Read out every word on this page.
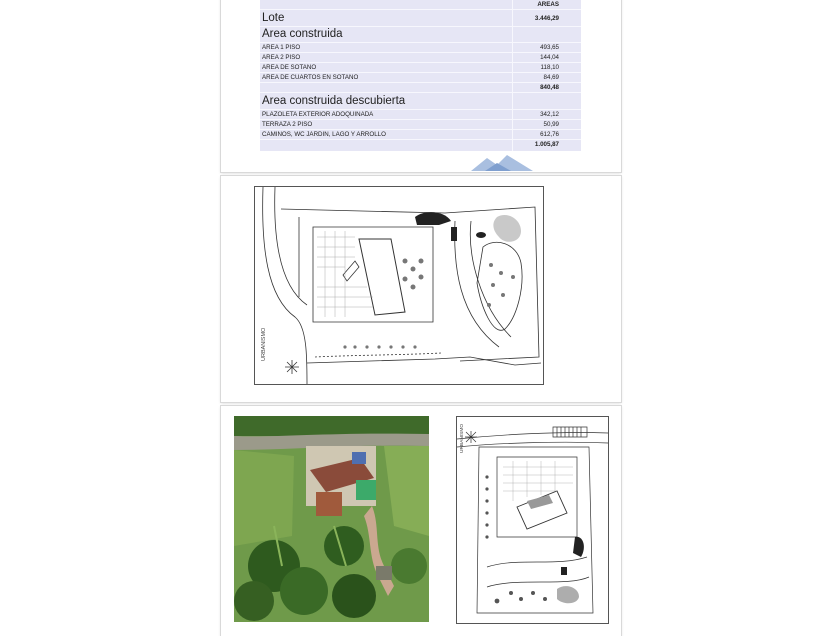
AREAS
Lote	3.446,29
Area construida
AREA 1 PISO	493,65
AREA 2 PISO	144,04
AREA DE SOTANO	118,10
AREA DE CUARTOS EN SOTANO	84,69
840,48
Area construida descubierta
PLAZOLETA EXTERIOR ADOQUINADA	342,12
TERRAZA 2 PISO	50,99
CAMINOS, WC JARDIN, LAGO Y ARROLLO	612,76
1.005,87
URBANISMO
URBANISMO
